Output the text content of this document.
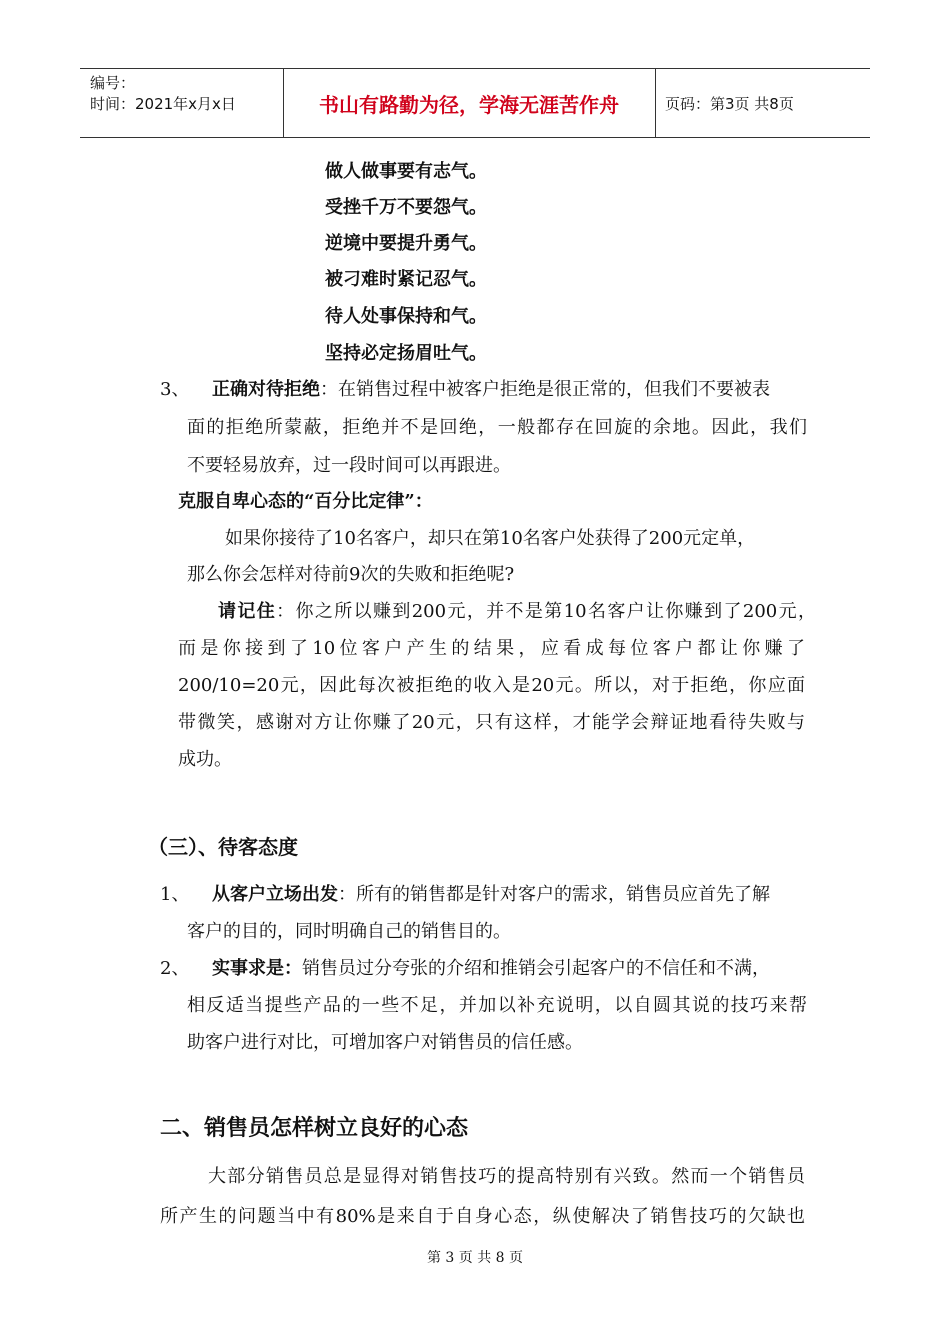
编号：
时间：2021年x月x日	书山有路勤为径，学海无涯苦作舟	页码：第3页 共8页
做人做事要有志气。
受挫千万不要怨气。
逆境中要提升勇气。
被刁难时紧记忍气。
待人处事保持和气。
坚持必定扬眉吐气。
3、 正确对待拒绝：在销售过程中被客户拒绝是很正常的，但我们不要被表
面的拒绝所蒙蔽，拒绝并不是回绝，一般都存在回旋的余地。因此，我们
不要轻易放弃，过一段时间可以再跟进。
克服自卑心态的“百分比定律”：
如果你接待了10名客户，却只在第10名客户处获得了200元定单，
那么你会怎样对待前9次的失败和拒绝呢?
请记住：你之所以赚到200元，并不是第10名客户让你赚到了200元，
而是你接到了10位客户产生的结果，应看成每位客户都让你赚了
200/10=20元，因此每次被拒绝的收入是20元。所以，对于拒绝，你应面
带微笑，感谢对方让你赚了20元，只有这样，才能学会辩证地看待失败与
成功。
（三）、待客态度
1、 从客户立场出发：所有的销售都是针对客户的需求，销售员应首先了解
客户的目的，同时明确自己的销售目的。
2、 实事求是：销售员过分夸张的介绍和推销会引起客户的不信任和不满，
相反适当提些产品的一些不足，并加以补充说明，以自圆其说的技巧来帮
助客户进行对比，可增加客户对销售员的信任感。
二、销售员怎样树立良好的心态
大部分销售员总是显得对销售技巧的提高特别有兴致。然而一个销售员
所产生的问题当中有80%是来自于自身心态，纵使解决了销售技巧的欠缺也
第 3 页 共 8 页
